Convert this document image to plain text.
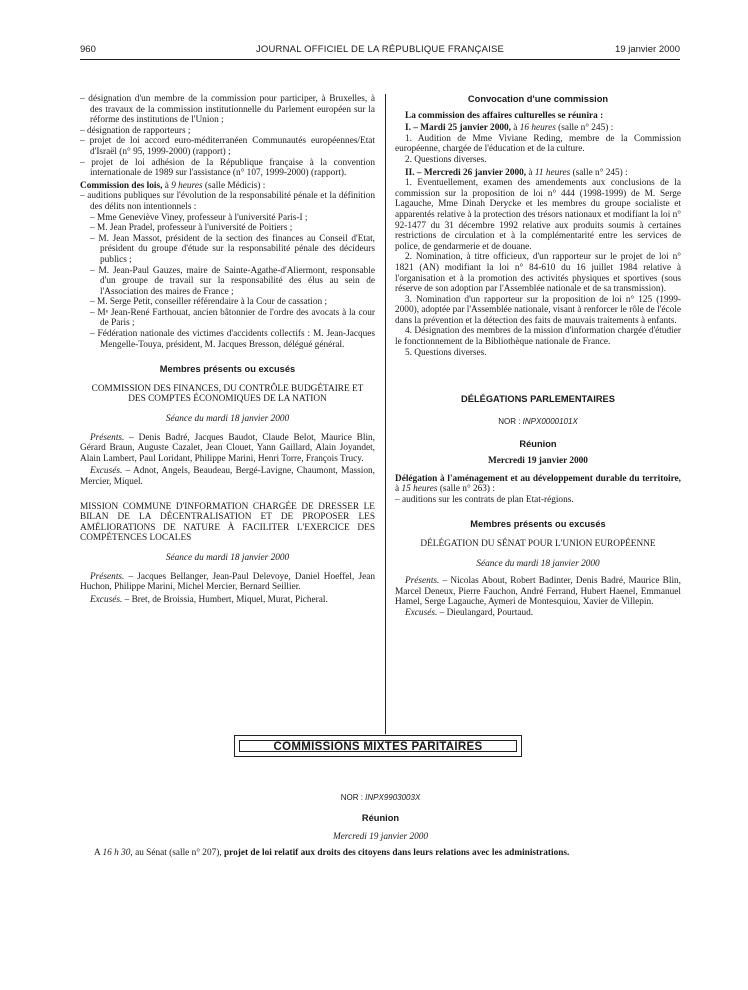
960	JOURNAL OFFICIEL DE LA RÉPUBLIQUE FRANÇAISE	19 janvier 2000

– désignation d'un membre de la commission pour participer, à Bruxelles, à des travaux de la commission institutionnelle du Parlement européen sur la réforme des institutions de l'Union ;

– désignation de rapporteurs ;

– projet de loi accord euro-méditerranéen Communautés européennes/Etat d'Israël (n° 95, 1999-2000) (rapport) ;

– projet de loi adhésion de la République française à la convention internationale de 1989 sur l'assistance (n° 107, 1999-2000) (rapport).

Commission des lois, à 9 heures (salle Médicis) :

– auditions publiques sur l'évolution de la responsabilité pénale et la définition des délits non intentionnels :

– Mme Geneviève Viney, professeur à l'université Paris-I ;

– M. Jean Pradel, professeur à l'université de Poitiers ;

– M. Jean Massot, président de la section des finances au Conseil d'Etat, président du groupe d'étude sur la responsabilité pénale des décideurs publics ;

– M. Jean-Paul Gauzes, maire de Sainte-Agathe-d'Aliermont, responsable d'un groupe de travail sur la responsabilité des élus au sein de l'Association des maires de France ;

– M. Serge Petit, conseiller référendaire à la Cour de cassation ;

– Mᵉ Jean-René Farthouat, ancien bâtonnier de l'ordre des avocats à la cour de Paris ;

– Fédération nationale des victimes d'accidents collectifs : M. Jean-Jacques Mengelle-Touya, président, M. Jacques Bresson, délégué général.

Membres présents ou excusés

COMMISSION DES FINANCES, DU CONTRÔLE BUDGÉTAIRE ET DES COMPTES ÉCONOMIQUES DE LA NATION

Séance du mardi 18 janvier 2000

Présents. – Denis Badré, Jacques Baudot, Claude Belot, Maurice Blin, Gérard Braun, Auguste Cazalet, Jean Clouet, Yann Gaillard, Alain Joyandet, Alain Lambert, Paul Loridant, Philippe Marini, Henri Torre, François Trucy.

Excusés. – Adnot, Angels, Beaudeau, Bergé-Lavigne, Chaumont, Massion, Mercier, Miquel.

MISSION COMMUNE D'INFORMATION CHARGÉE DE DRESSER LE BILAN DE LA DÉCENTRALISATION ET DE PROPOSER LES AMÉLIORATIONS DE NATURE À FACILITER L'EXERCICE DES COMPÉTENCES LOCALES

Séance du mardi 18 janvier 2000

Présents. – Jacques Bellanger, Jean-Paul Delevoye, Daniel Hoeffel, Jean Huchon, Philippe Marini, Michel Mercier, Bernard Seillier.

Excusés. – Bret, de Broissia, Humbert, Miquel, Murat, Picheral.

Convocation d'une commission

La commission des affaires culturelles se réunira :

I. – Mardi 25 janvier 2000, à 16 heures (salle n° 245) :

1. Audition de Mme Viviane Reding, membre de la Commission européenne, chargée de l'éducation et de la culture.

2. Questions diverses.

II. – Mercredi 26 janvier 2000, à 11 heures (salle n° 245) :

1. Eventuellement, examen des amendements aux conclusions de la commission sur la proposition de loi n° 444 (1998-1999) de M. Serge Lagauche, Mme Dinah Derycke et les membres du groupe socialiste et apparentés relative à la protection des trésors nationaux et modifiant la loi n° 92-1477 du 31 décembre 1992 relative aux produits soumis à certaines restrictions de circulation et à la complémentarité entre les services de police, de gendarmerie et de douane.

2. Nomination, à titre officieux, d'un rapporteur sur le projet de loi n° 1821 (AN) modifiant la loi n° 84-610 du 16 juillet 1984 relative à l'organisation et à la promotion des activités physiques et sportives (sous réserve de son adoption par l'Assemblée nationale et de sa transmission).

3. Nomination d'un rapporteur sur la proposition de loi n° 125 (1999-2000), adoptée par l'Assemblée nationale, visant à renforcer le rôle de l'école dans la prévention et la détection des faits de mauvais traitements à enfants.

4. Désignation des membres de la mission d'information chargée d'étudier le fonctionnement de la Bibliothèque nationale de France.

5. Questions diverses.

DÉLÉGATIONS PARLEMENTAIRES

NOR : INPX0000101X

Réunion

Mercredi 19 janvier 2000

Délégation à l'aménagement et au développement durable du territoire, à 15 heures (salle n° 263) :

– auditions sur les contrats de plan Etat-régions.

Membres présents ou excusés

DÉLÉGATION DU SÉNAT POUR L'UNION EUROPÉENNE

Séance du mardi 18 janvier 2000

Présents. – Nicolas About, Robert Badinter, Denis Badré, Maurice Blin, Marcel Deneux, Pierre Fauchon, André Ferrand, Hubert Haenel, Emmanuel Hamel, Serge Lagauche, Aymeri de Montesquiou, Xavier de Villepin.

Excusés. – Dieulangard, Pourtaud.

COMMISSIONS MIXTES PARITAIRES

NOR : INPX9903003X

Réunion

Mercredi 19 janvier 2000

A 16 h 30, au Sénat (salle n° 207), projet de loi relatif aux droits des citoyens dans leurs relations avec les administrations.
